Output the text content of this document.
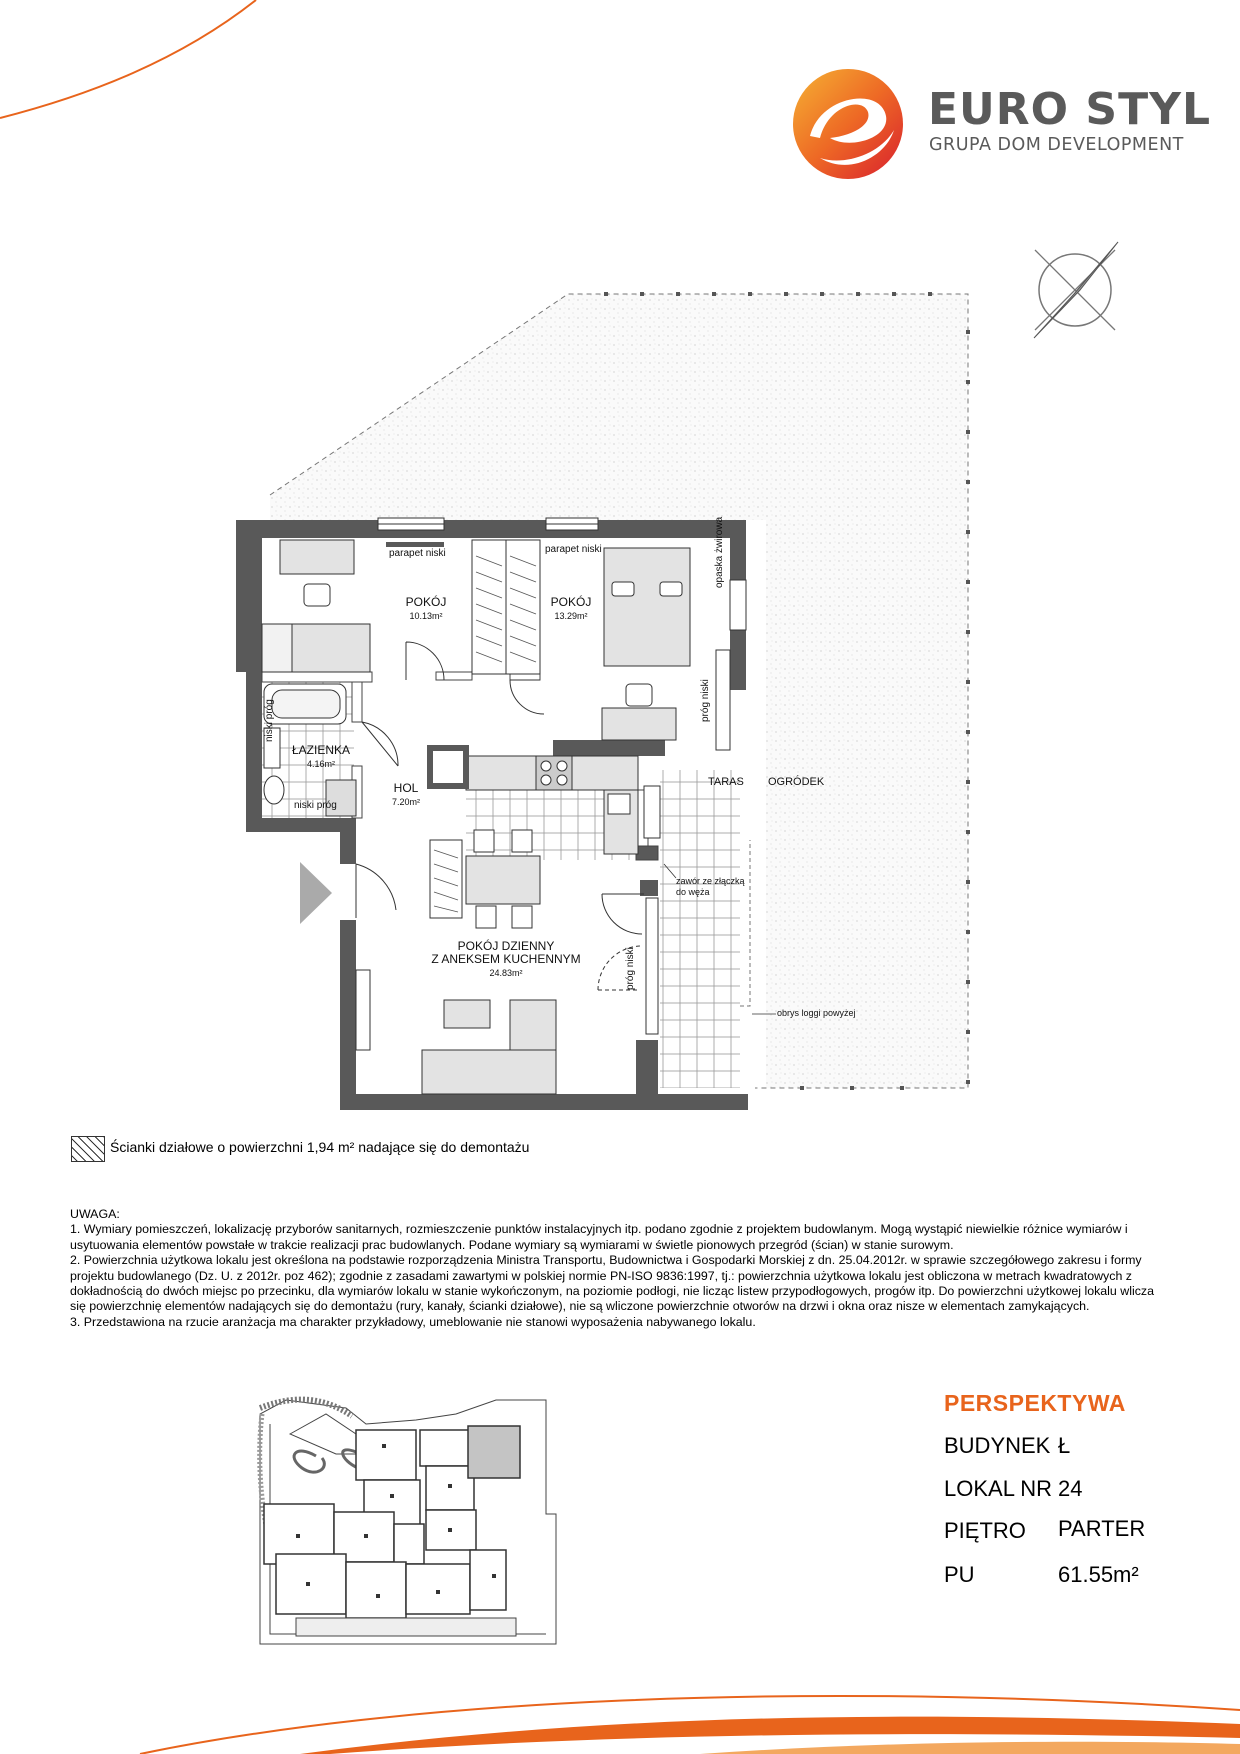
EURO STYL
GRUPA DOM DEVELOPMENT
POKÓJ
10.13m²
POKÓJ
13.29m²
ŁAZIENKA
4.16m²
HOL
7.20m²
POKÓJ DZIENNY
Z ANEKSEM KUCHENNYM
24.83m²
parapet niski	parapet niski	opaska żwirowa
próg niski
próg niski
niski próg
niski próg
TARAS OGRÓDEK
zawór ze złączką
do węża
obrys loggi powyżej
Ścianki działowe o powierzchni 1,94 m² nadające się do demontażu

UWAGA:

1. Wymiary pomieszczeń, lokalizację przyborów sanitarnych, rozmieszczenie punktów instalacyjnych itp. podano zgodnie z projektem budowlanym. Mogą wystąpić niewielkie różnice wymiarów i usytuowania elementów powstałe w trakcie realizacji prac budowlanych. Podane wymiary są wymiarami w świetle pionowych przegród (ścian) w stanie surowym.

2. Powierzchnia użytkowa lokalu jest określona na podstawie rozporządzenia Ministra Transportu, Budownictwa i Gospodarki Morskiej z dn. 25.04.2012r. w sprawie szczegółowego zakresu i formy projektu budowlanego (Dz. U. z 2012r. poz 462); zgodnie z zasadami zawartymi w polskiej normie PN-ISO 9836:1997, tj.: powierzchnia użytkowa lokalu jest obliczona w metrach kwadratowych z dokładnością do dwóch miejsc po przecinku, dla wymiarów lokalu w stanie wykończonym, na poziomie podłogi, nie licząc listew przypodłogowych, progów itp. Do powierzchni użytkowej lokalu wlicza się powierzchnię elementów nadających się do demontażu (rury, kanały, ścianki działowe), nie są wliczone powierzchnie otworów na drzwi i okna oraz nisze w elementach zamykających.

3. Przedstawiona na rzucie aranżacja ma charakter przykładowy, umeblowanie nie stanowi wyposażenia nabywanego lokalu.

PERSPEKTYWA
BUDYNEK Ł
LOKAL NR 24
PIĘTRO PARTER
PU	61.55m²
